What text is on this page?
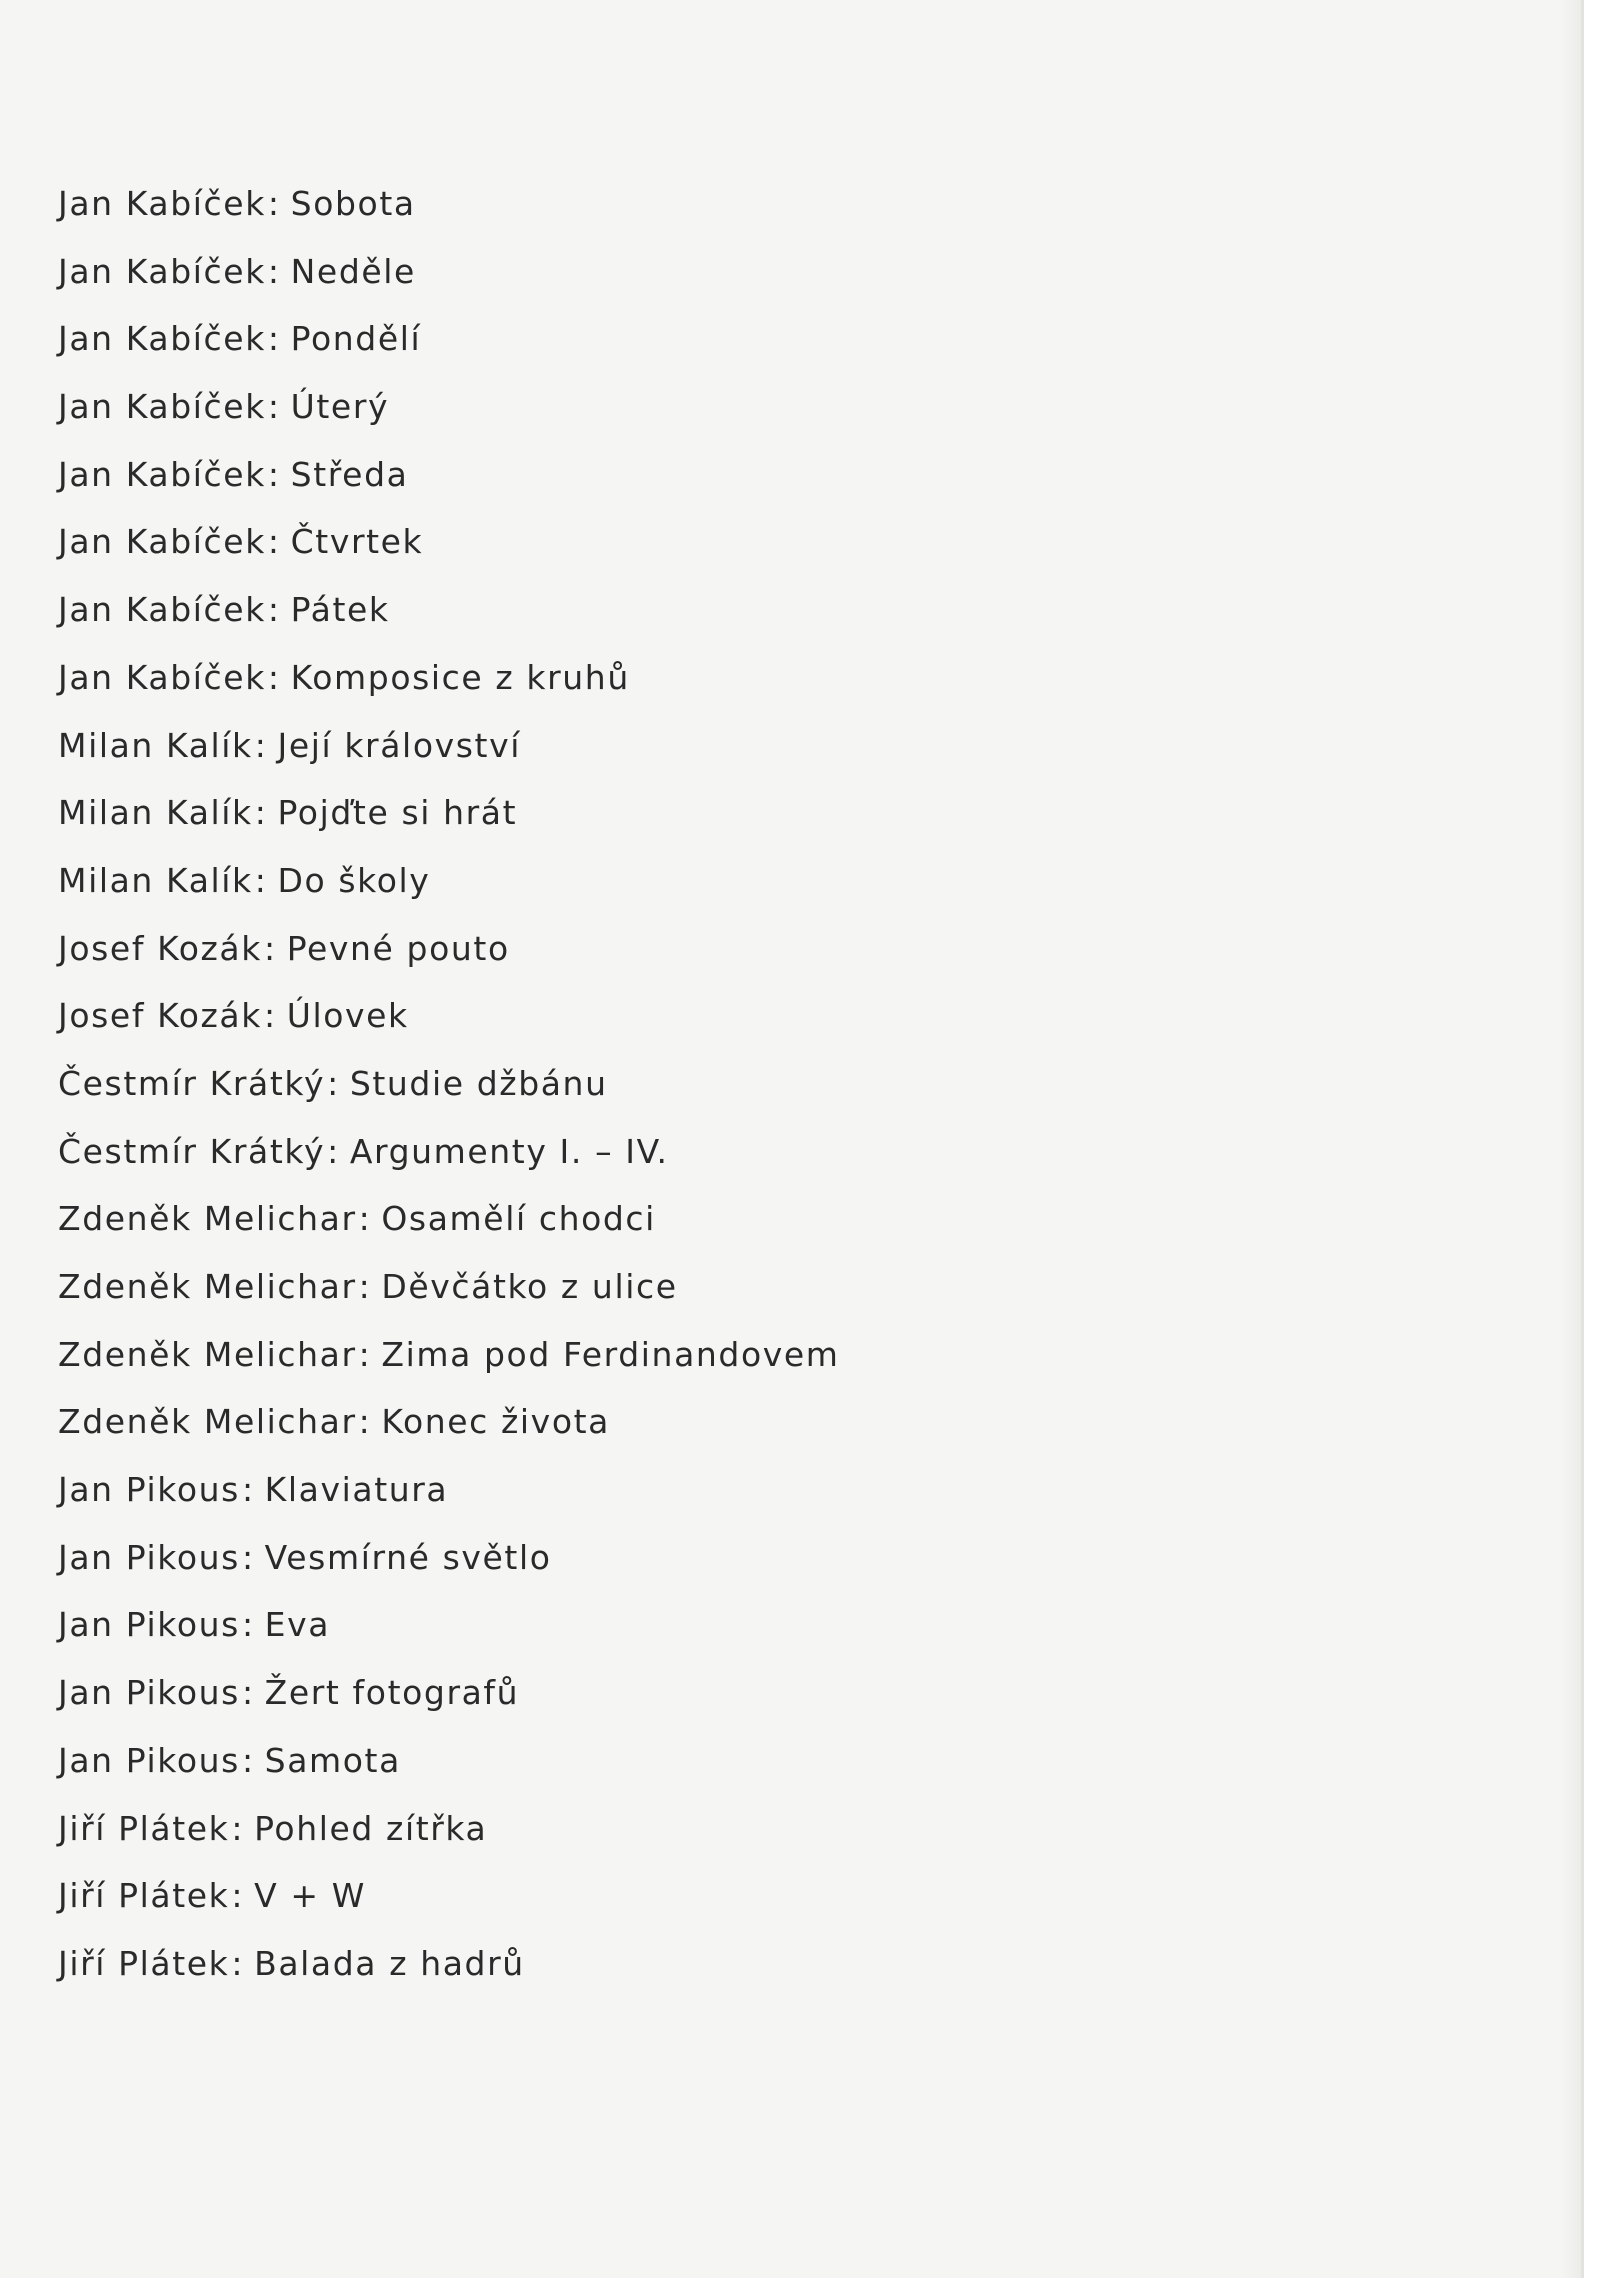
Jan Kabíček: Sobota
Jan Kabíček: Neděle
Jan Kabíček: Pondělí
Jan Kabíček: Úterý
Jan Kabíček: Středa
Jan Kabíček: Čtvrtek
Jan Kabíček: Pátek
Jan Kabíček: Komposice z kruhů
Milan Kalík: Její království
Milan Kalík: Pojďte si hrát
Milan Kalík: Do školy
Josef Kozák: Pevné pouto
Josef Kozák: Úlovek
Čestmír Krátký: Studie džbánu
Čestmír Krátký: Argumenty I. – IV.
Zdeněk Melichar: Osamělí chodci
Zdeněk Melichar: Děvčátko z ulice
Zdeněk Melichar: Zima pod Ferdinandovem
Zdeněk Melichar: Konec života
Jan Pikous: Klaviatura
Jan Pikous: Vesmírné světlo
Jan Pikous: Eva
Jan Pikous: Žert fotografů
Jan Pikous: Samota
Jiří Plátek: Pohled zítřka
Jiří Plátek: V + W
Jiří Plátek: Balada z hadrů
